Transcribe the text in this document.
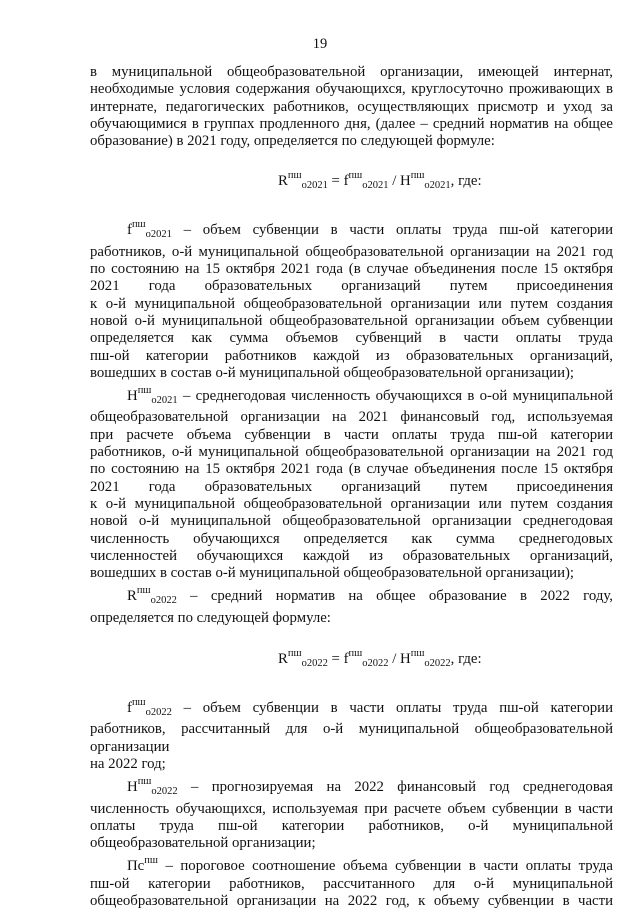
19

в муниципальной общеобразовательной организации, имеющей интернат, необходимые условия содержания обучающихся, круглосуточно проживающих в интернате, педагогических работников, осуществляющих присмотр и уход за обучающимися в группах продленного дня, (далее – средний норматив на общее образование) в 2021 году, определяется по следующей формуле:

$R^{пш}_{о2021} = f^{пш}_{о2021} / Н^{пш}_{о2021}$, где:

$f^{пш}_{о2021}$ – объем субвенции в части оплаты труда пш-ой категории
работников, о-й муниципальной общеобразовательной организации на 2021 год
по состоянию на 15 октября 2021 года (в случае объединения после 15 октября
2021 года образовательных организаций путем присоединения
к о-й муниципальной общеобразовательной организации или путем создания
новой о-й муниципальной общеобразовательной организации объем субвенции
определяется как сумма объемов субвенций в части оплаты труда
пш-ой категории работников каждой из образовательных организаций,
вошедших в состав о-й муниципальной общеобразовательной организации);
$Н^{пш}_{о2021}$ – среднегодовая численность обучающихся в о-ой муниципальной
общеобразовательной организации на 2021 финансовый год, используемая
при расчете объема субвенции в части оплаты труда пш-ой категории
работников, о-й муниципальной общеобразовательной организации на 2021 год
по состоянию на 15 октября 2021 года (в случае объединения после 15 октября
2021 года образовательных организаций путем присоединения
к о-й муниципальной общеобразовательной организации или путем создания
новой о-й муниципальной общеобразовательной организации среднегодовая
численность обучающихся определяется как сумма среднегодовых
численностей обучающихся каждой из образовательных организаций,
вошедших в состав о-й муниципальной общеобразовательной организации);
$R^{пш}_{о2022}$ – средний норматив на общее образование в 2022 году,
определяется по следующей формуле:

$R^{пш}_{о2022} = f^{пш}_{о2022} / Н^{пш}_{о2022}$, где:

$f^{пш}_{о2022}$ – объем субвенции в части оплаты труда пш-ой категории
работников, рассчитанный для о-й муниципальной общеобразовательной
организации
на 2022 год;
$Н^{пш}_{о2022}$ – прогнозируемая на 2022 финансовый год среднегодовая
численность обучающихся, используемая при расчете объем субвенции в части
оплаты труда пш-ой категории работников, о-й муниципальной
общеобразовательной организации;
$Пс^{пш}$ – пороговое соотношение объема субвенции в части оплаты труда
пш-ой категории работников, рассчитанного для о-й муниципальной
общеобразовательной организации на 2022 год, к объему субвенции в части
